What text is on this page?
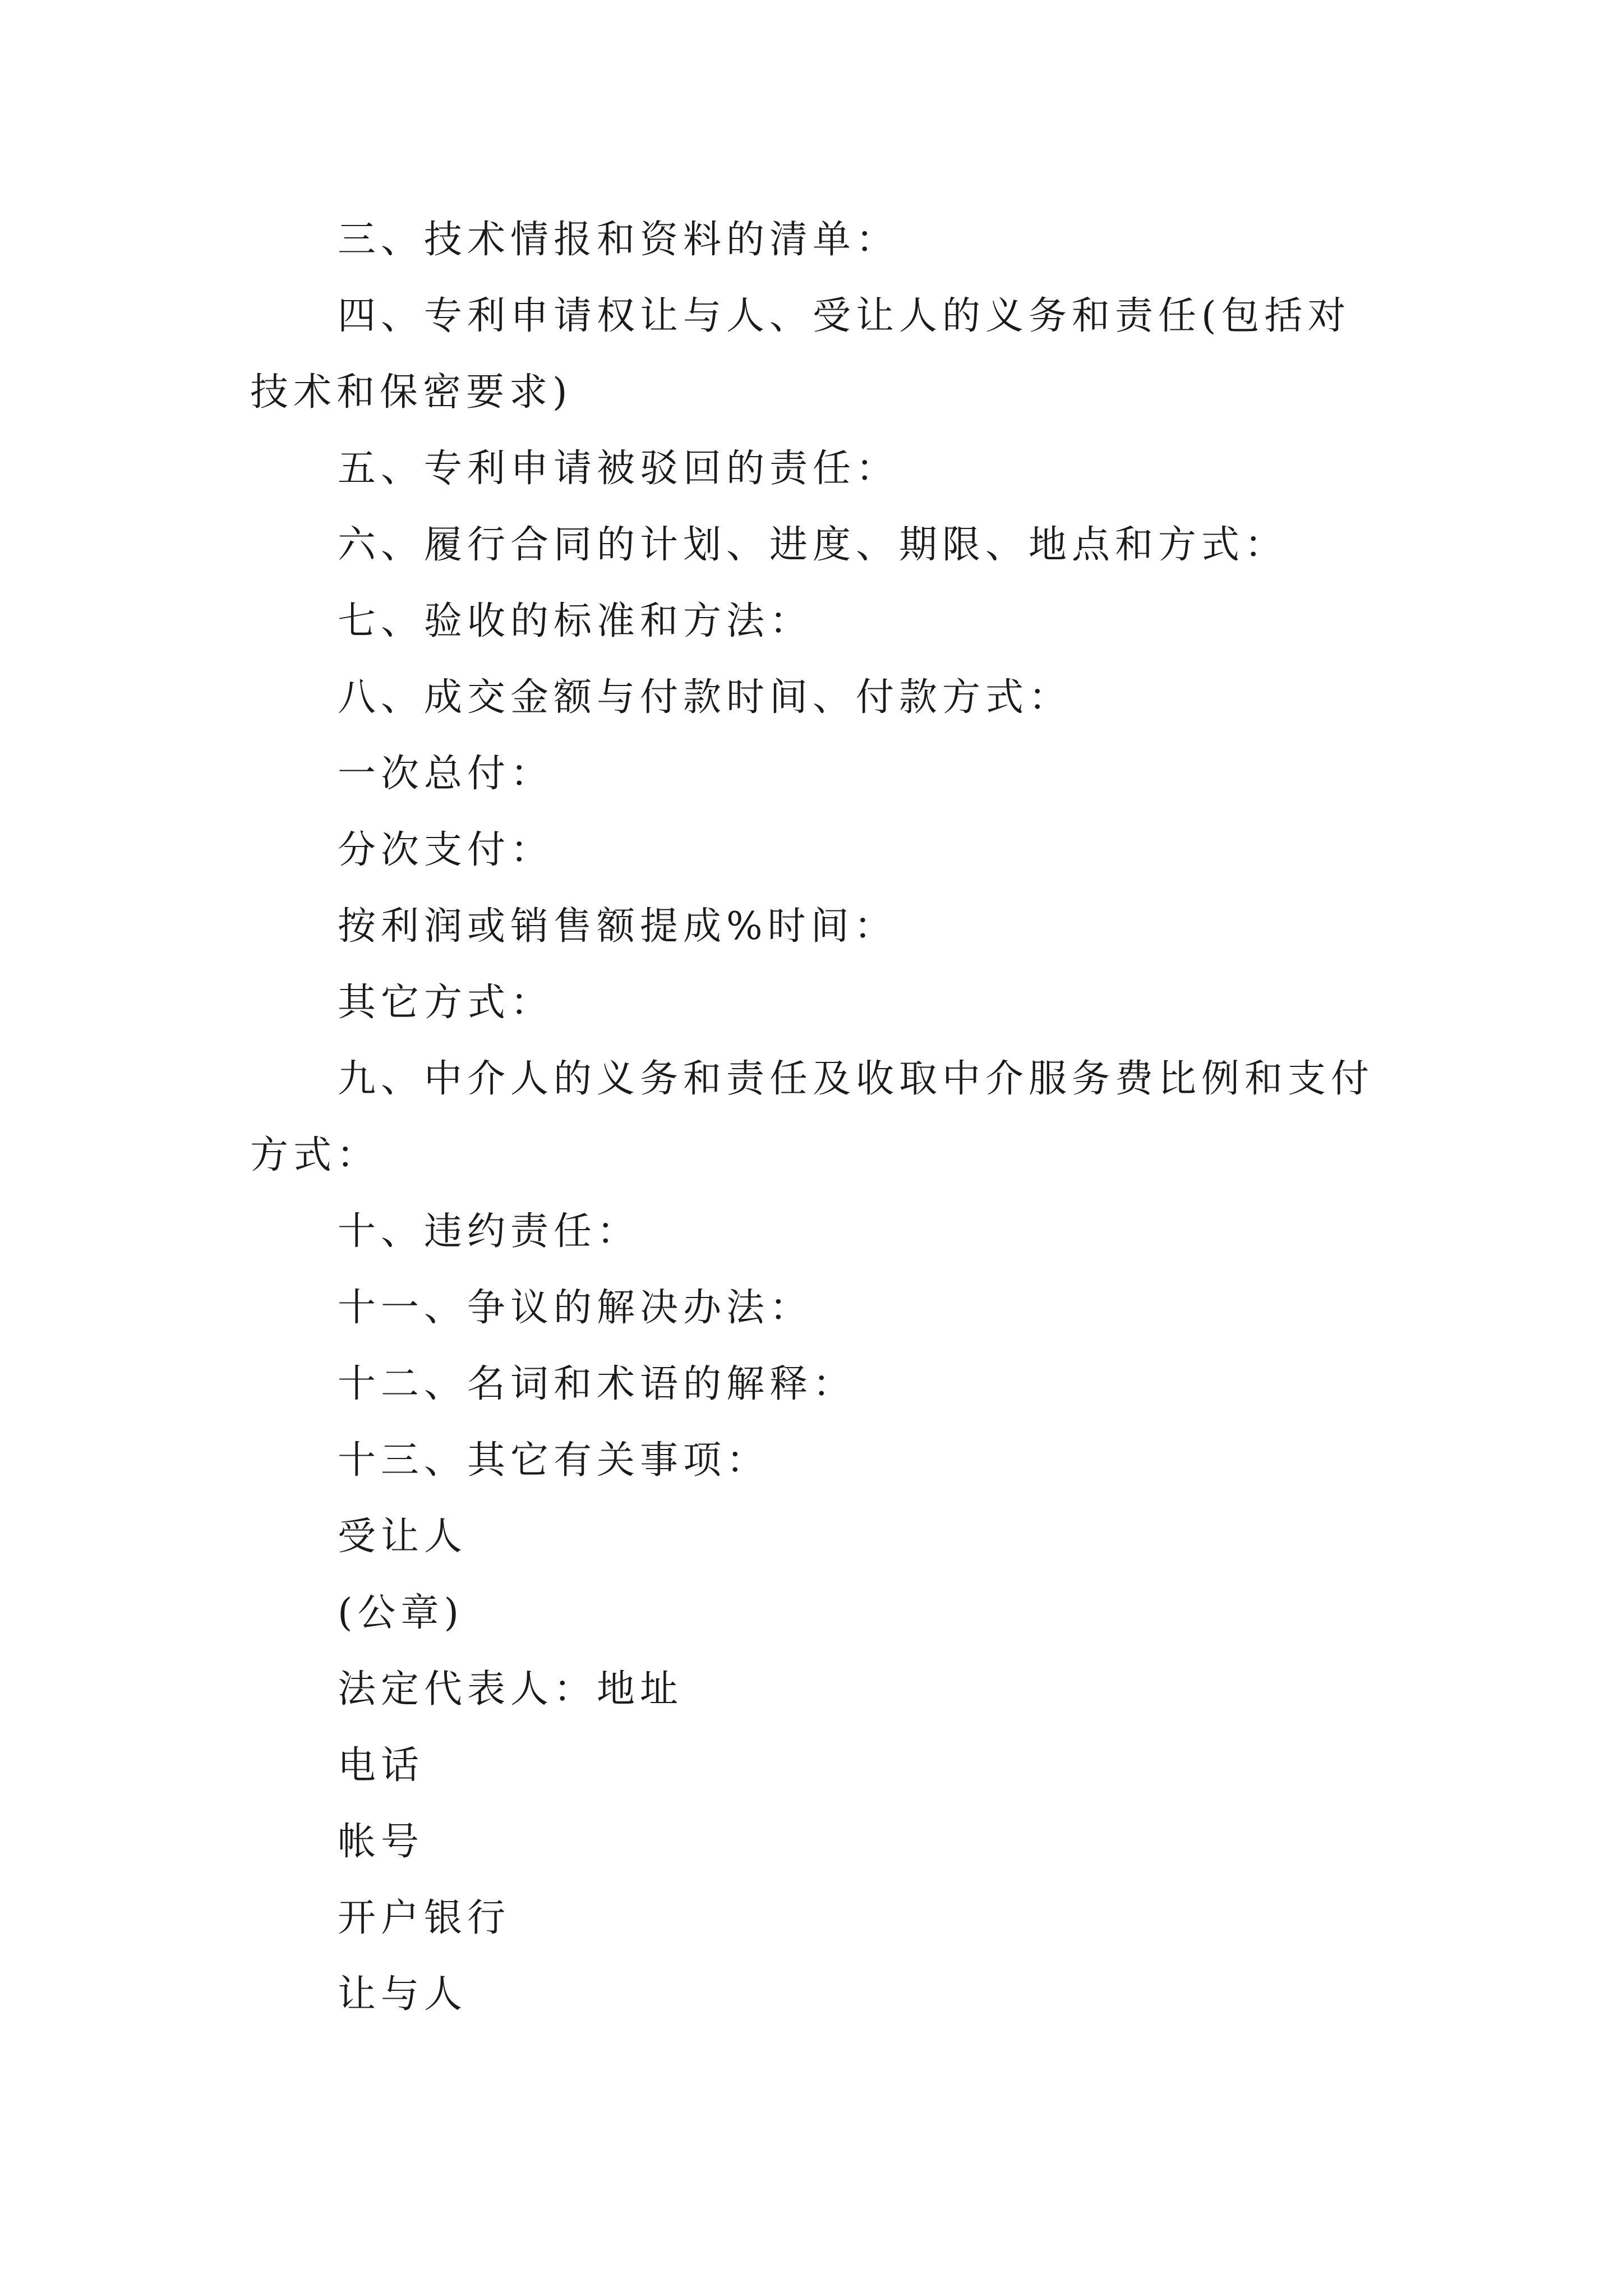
三、技术情报和资料的清单：

四、专利申请权让与人、受让人的义务和责任(包括对技术和保密要求)

五、专利申请被驳回的责任：

六、履行合同的计划、进度、期限、地点和方式：

七、验收的标准和方法：

八、成交金额与付款时间、付款方式：

一次总付：

分次支付：

按利润或销售额提成%时间：

其它方式：

九、中介人的义务和责任及收取中介服务费比例和支付方式：

十、违约责任：

十一、争议的解决办法：

十二、名词和术语的解释：

十三、其它有关事项：

受让人

(公章)

法定代表人：地址

电话

帐号

开户银行

让与人
